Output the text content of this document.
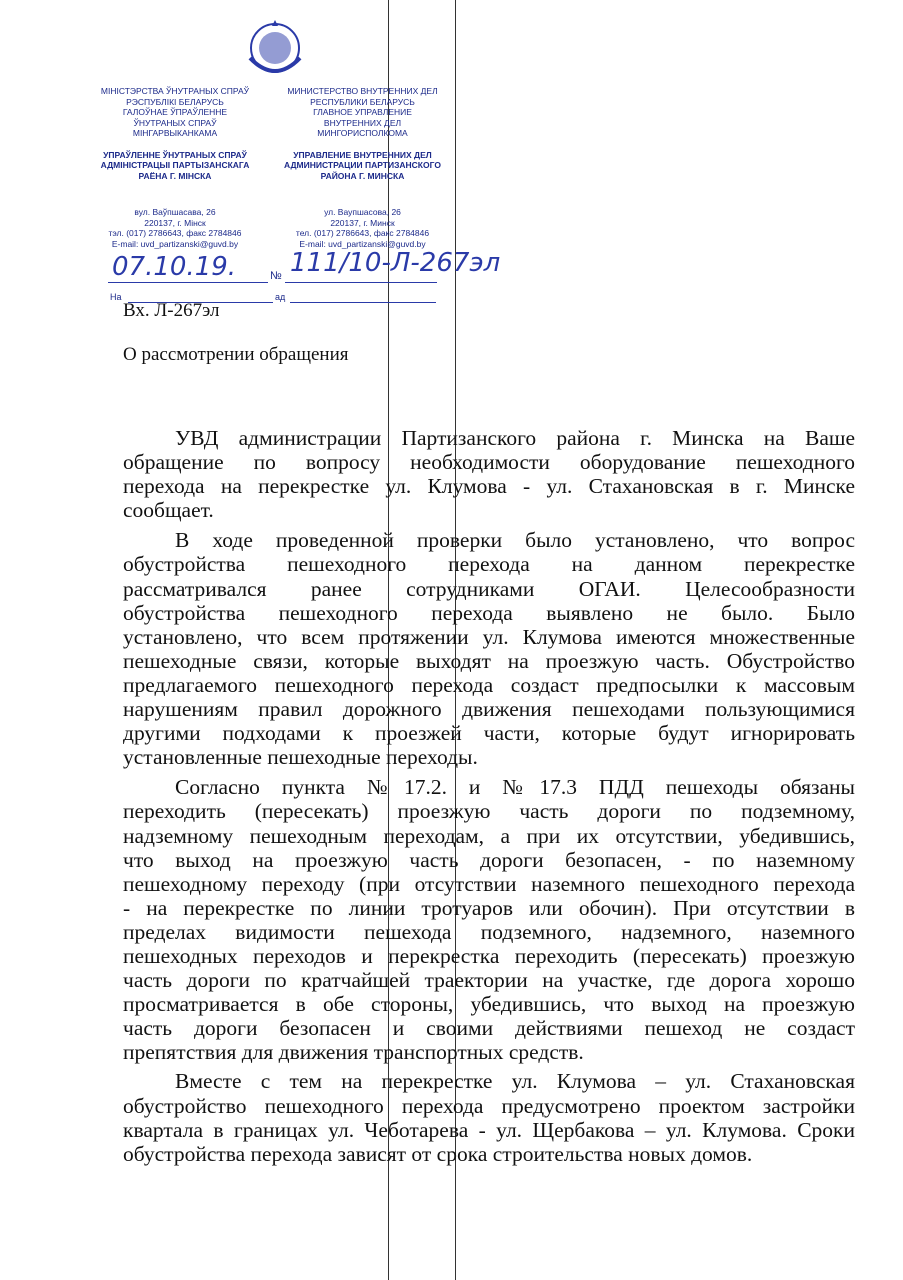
МІНІСТЭРСТВА ЎНУТРАНЫХ СПРАЎ
РЭСПУБЛІКІ БЕЛАРУСЬ
ГАЛОЎНАЕ ЎПРАЎЛЕННЕ
ЎНУТРАНЫХ СПРАЎ
МІНГАРВЫКАНКАМА
УПРАЎЛЕННЕ ЎНУТРАНЫХ СПРАЎ
АДМІНІСТРАЦЫІ ПАРТЫЗАНСКАГА
РАЁНА Г. МІНСКА
вул. Ваўпшасава, 26
220137, г. Мінск
тэл. (017) 2786643, факс 2784846
E-mail: uvd_partizanski@guvd.by
МИНИСТЕРСТВО ВНУТРЕННИХ ДЕЛ
РЕСПУБЛИКИ БЕЛАРУСЬ
ГЛАВНОЕ УПРАВЛЕНИЕ
ВНУТРЕННИХ ДЕЛ
МИНГОРИСПОЛКОМА
УПРАВЛЕНИЕ ВНУТРЕННИХ ДЕЛ
АДМИНИСТРАЦИИ ПАРТИЗАНСКОГО
РАЙОНА Г. МИНСКА
ул. Ваупшасова, 26
220137, г. Минск
тел. (017) 2786643, факс 2784846
E-mail: uvd_partizanski@guvd.by
07.10.19.	№ 111/10-Л-267эл
На	ад
Вх. Л-267эл
О рассмотрении обращения
УВД администрации Партизанского района г. Минска на Ваше
обращение по вопросу необходимости оборудование пешеходного
перехода на перекрестке ул. Клумова - ул. Стахановская в г. Минске
сообщает.
В ходе проведенной проверки было установлено, что вопрос
обустройства пешеходного перехода на данном перекрестке
рассматривался ранее сотрудниками ОГАИ. Целесообразности
обустройства пешеходного перехода выявлено не было. Было
установлено, что всем протяжении ул. Клумова имеются множественные
пешеходные связи, которые выходят на проезжую часть. Обустройство
предлагаемого пешеходного перехода создаст предпосылки к массовым
нарушениям правил дорожного движения пешеходами пользующимися
другими подходами к проезжей части, которые будут игнорировать
установленные пешеходные переходы.
Согласно пункта №17.2. и №17.3 ПДД пешеходы обязаны
переходить (пересекать) проезжую часть дороги по подземному,
надземному пешеходным переходам, а при их отсутствии, убедившись,
что выход на проезжую часть дороги безопасен, - по наземному
пешеходному переходу (при отсутствии наземного пешеходного перехода
- на перекрестке по линии тротуаров или обочин). При отсутствии в
пределах видимости пешехода подземного, надземного, наземного
пешеходных переходов и перекрестка переходить (пересекать) проезжую
часть дороги по кратчайшей траектории на участке, где дорога хорошо
просматривается в обе стороны, убедившись, что выход на проезжую
часть дороги безопасен и своими действиями пешеход не создаст
препятствия для движения транспортных средств.
Вместе с тем на перекрестке ул. Клумова – ул. Стахановская
обустройство пешеходного перехода предусмотрено проектом застройки
квартала в границах ул. Чеботарева - ул. Щербакова – ул. Клумова. Сроки
обустройства перехода зависят от срока строительства новых домов.
